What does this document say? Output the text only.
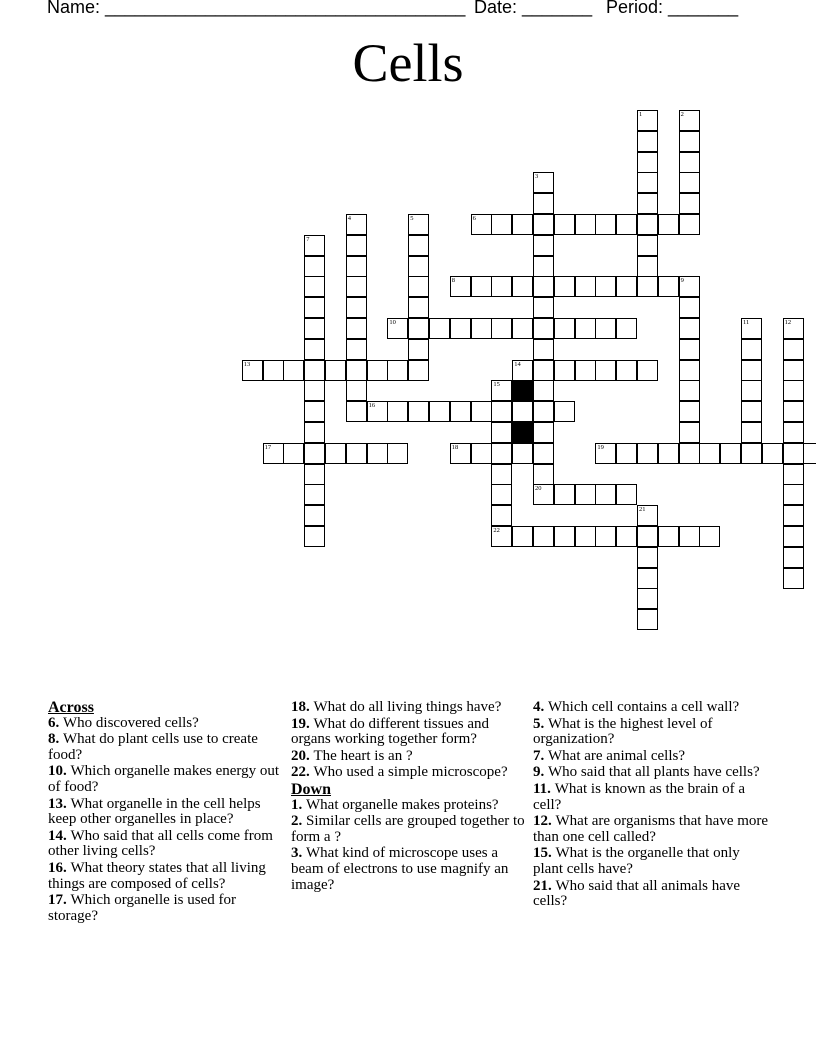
Name: ____________________________________ Date: _______ Period: _______
Cells
1	2
3
4	5	6
7
8	9
10	11	12
13	14
15
16
17	18	19
20
21
22
Across
6. Who discovered cells?
8. What do plant cells use to create food?
10. Which organelle makes energy out of food?
13. What organelle in the cell helps keep other organelles in place?
14. Who said that all cells come from other living cells?
16. What theory states that all living things are composed of cells?
17. Which organelle is used for storage?
18. What do all living things have?
19. What do different tissues and organs working together form?
20. The heart is an ?
22. Who used a simple microscope?
Down
1. What organelle makes proteins?
2. Similar cells are grouped together to form a ?
3. What kind of microscope uses a beam of electrons to use magnify an image?
4. Which cell contains a cell wall?
5. What is the highest level of organization?
7. What are animal cells?
9. Who said that all plants have cells?
11. What is known as the brain of a cell?
12. What are organisms that have more than one cell called?
15. What is the organelle that only plant cells have?
21. Who said that all animals have cells?
